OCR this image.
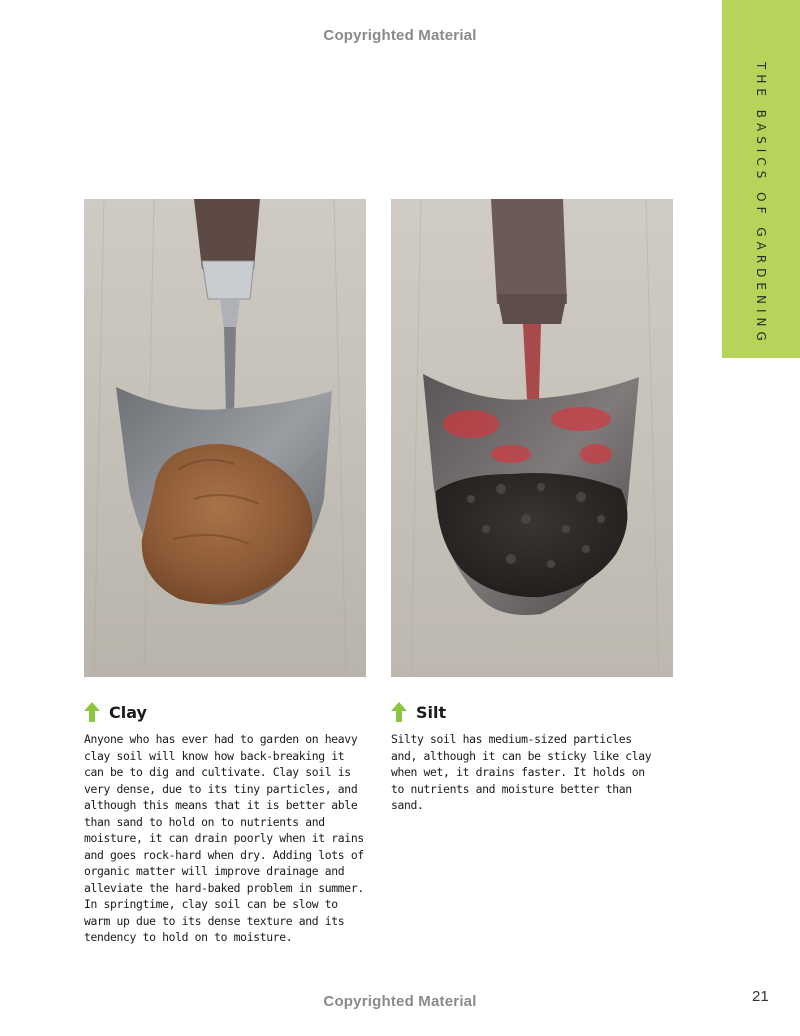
Copyrighted Material
THE BASICS OF GARDENING
Clay

Anyone who has ever had to garden on heavy clay soil will know how back-breaking it can be to dig and cultivate. Clay soil is very dense, due to its tiny particles, and although this means that it is better able than sand to hold on to nutrients and moisture, it can drain poorly when it rains and goes rock-hard when dry. Adding lots of organic matter will improve drainage and alleviate the hard-baked problem in summer. In springtime, clay soil can be slow to warm up due to its dense texture and its tendency to hold on to moisture.

Silt

Silty soil has medium-sized particles and, although it can be sticky like clay when wet, it drains faster. It holds on to nutrients and moisture better than sand.

Copyrighted Material	21
